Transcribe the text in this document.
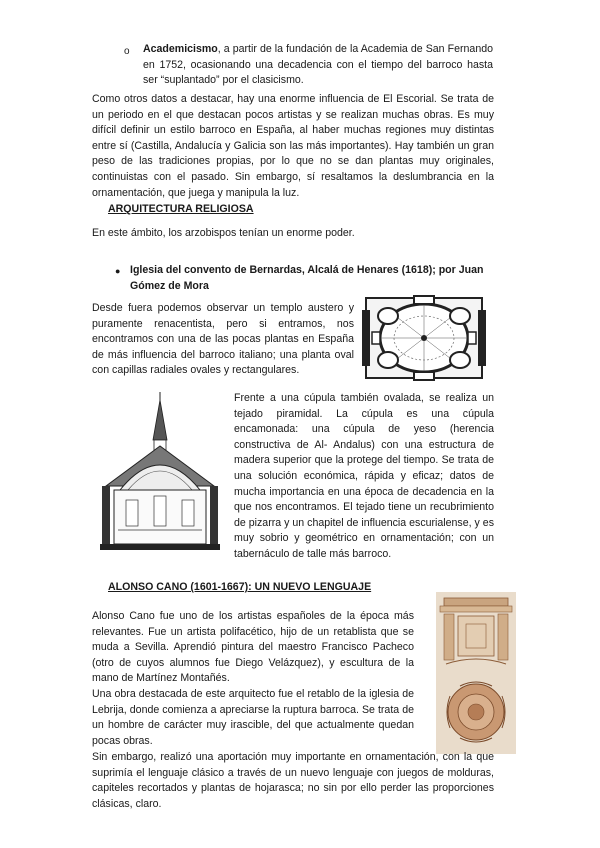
o Academicismo, a partir de la fundación de la Academia de San Fernando en 1752, ocasionando una decadencia con el tiempo del barroco hasta ser “suplantado” por el clasicismo.

Como otros datos a destacar, hay una enorme influencia de El Escorial. Se trata de un periodo en el que destacan pocos artistas y se realizan muchas obras. Es muy difícil definir un estilo barroco en España, al haber muchas regiones muy distintas entre sí (Castilla, Andalucía y Galicia son las más importantes). Hay también un gran peso de las tradiciones propias, por lo que no se dan plantas muy originales, continuistas con el pasado. Sin embargo, sí resaltamos la deslumbrancia en la ornamentación, que juega y manipula la luz.

ARQUITECTURA RELIGIOSA

En este ámbito, los arzobispos tenían un enorme poder.

● Iglesia del convento de Bernardas, Alcalá de Henares (1618); por Juan Gómez de Mora

Desde fuera podemos observar un templo austero y puramente renacentista, pero si entramos, nos encontramos con una de las pocas plantas en España de más influencia del barroco italiano; una planta oval con capillas radiales ovales y rectangulares.

Frente a una cúpula también ovalada, se realiza un tejado piramidal. La cúpula es una cúpula encamonada: una cúpula de yeso (herencia constructiva de Al- Andalus) con una estructura de madera superior que la protege del tiempo. Se trata de una solución económica, rápida y eficaz; datos de mucha importancia en una época de decadencia en la que nos encontramos. El tejado tiene un recubrimiento de pizarra y un chapitel de influencia escurialense, y es muy sobrio y geométrico en ornamentación; con un tabernáculo de talle más barroco.

ALONSO CANO (1601-1667): UN NUEVO LENGUAJE

Alonso Cano fue uno de los artistas españoles de la época más relevantes. Fue un artista polifacético, hijo de un retablista que se muda a Sevilla. Aprendió pintura del maestro Francisco Pacheco (otro de cuyos alumnos fue Diego Velázquez), y escultura de la mano de Martínez Montañés.

Una obra destacada de este arquitecto fue el retablo de la iglesia de Lebrija, donde comienza a apreciarse la ruptura barroca. Se trata de un hombre de carácter muy irascible, del que actualmente quedan pocas obras.

Sin embargo, realizó una aportación muy importante en ornamentación, con la que suprimía el lenguaje clásico a través de un nuevo lenguaje con juegos de molduras, capiteles recortados y plantas de hojarasca; no sin por ello perder las proporciones clásicas, claro.
